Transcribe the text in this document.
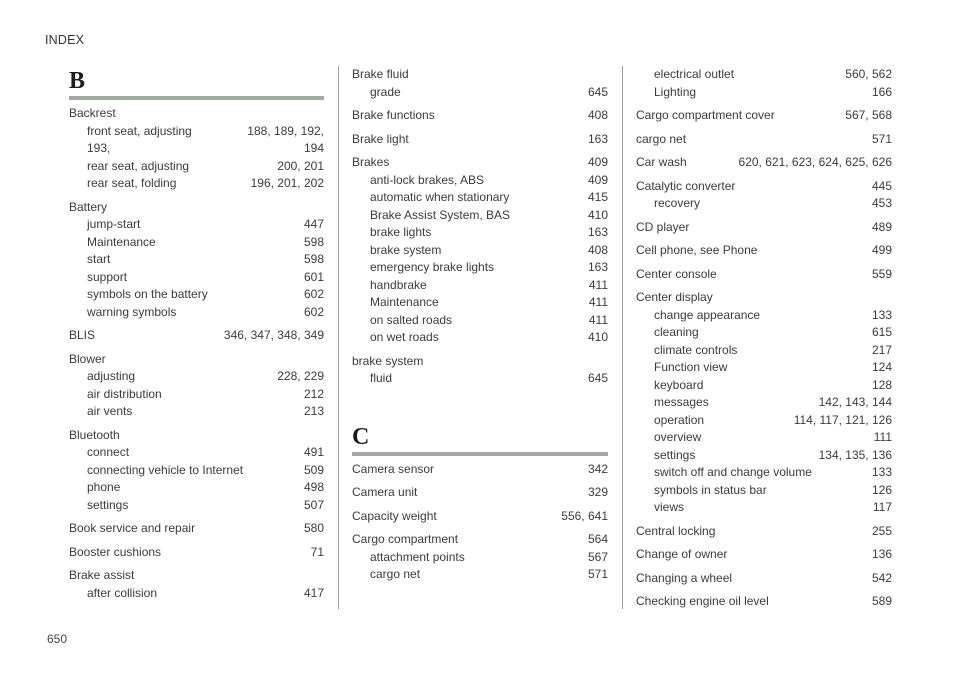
INDEX
B
Backrest
front seat, adjusting	188, 189, 192,
193,	194
rear seat, adjusting	200, 201
rear seat, folding	196, 201, 202
Battery
jump-start	447
Maintenance	598
start	598
support	601
symbols on the battery	602
warning symbols	602
BLIS	346, 347, 348, 349
Blower
adjusting	228, 229
air distribution	212
air vents	213
Bluetooth
connect	491
connecting vehicle to Internet	509
phone	498
settings	507
Book service and repair	580
Booster cushions	71
Brake assist
after collision	417
Brake fluid
grade	645
Brake functions	408
Brake light	163
Brakes	409
anti-lock brakes, ABS	409
automatic when stationary	415
Brake Assist System, BAS	410
brake lights	163
brake system	408
emergency brake lights	163
handbrake	411
Maintenance	411
on salted roads	411
on wet roads	410
brake system
fluid	645
C
Camera sensor	342
Camera unit	329
Capacity weight	556, 641
Cargo compartment	564
attachment points	567
cargo net	571
electrical outlet	560, 562
Lighting	166
Cargo compartment cover	567, 568
cargo net	571
Car wash	620, 621, 623, 624, 625, 626
Catalytic converter	445
recovery	453
CD player	489
Cell phone, see Phone	499
Center console	559
Center display
change appearance	133
cleaning	615
climate controls	217
Function view	124
keyboard	128
messages	142, 143, 144
operation	114, 117, 121, 126
overview	111
settings	134, 135, 136
switch off and change volume	133
symbols in status bar	126
views	117
Central locking	255
Change of owner	136
Changing a wheel	542
Checking engine oil level	589
650
